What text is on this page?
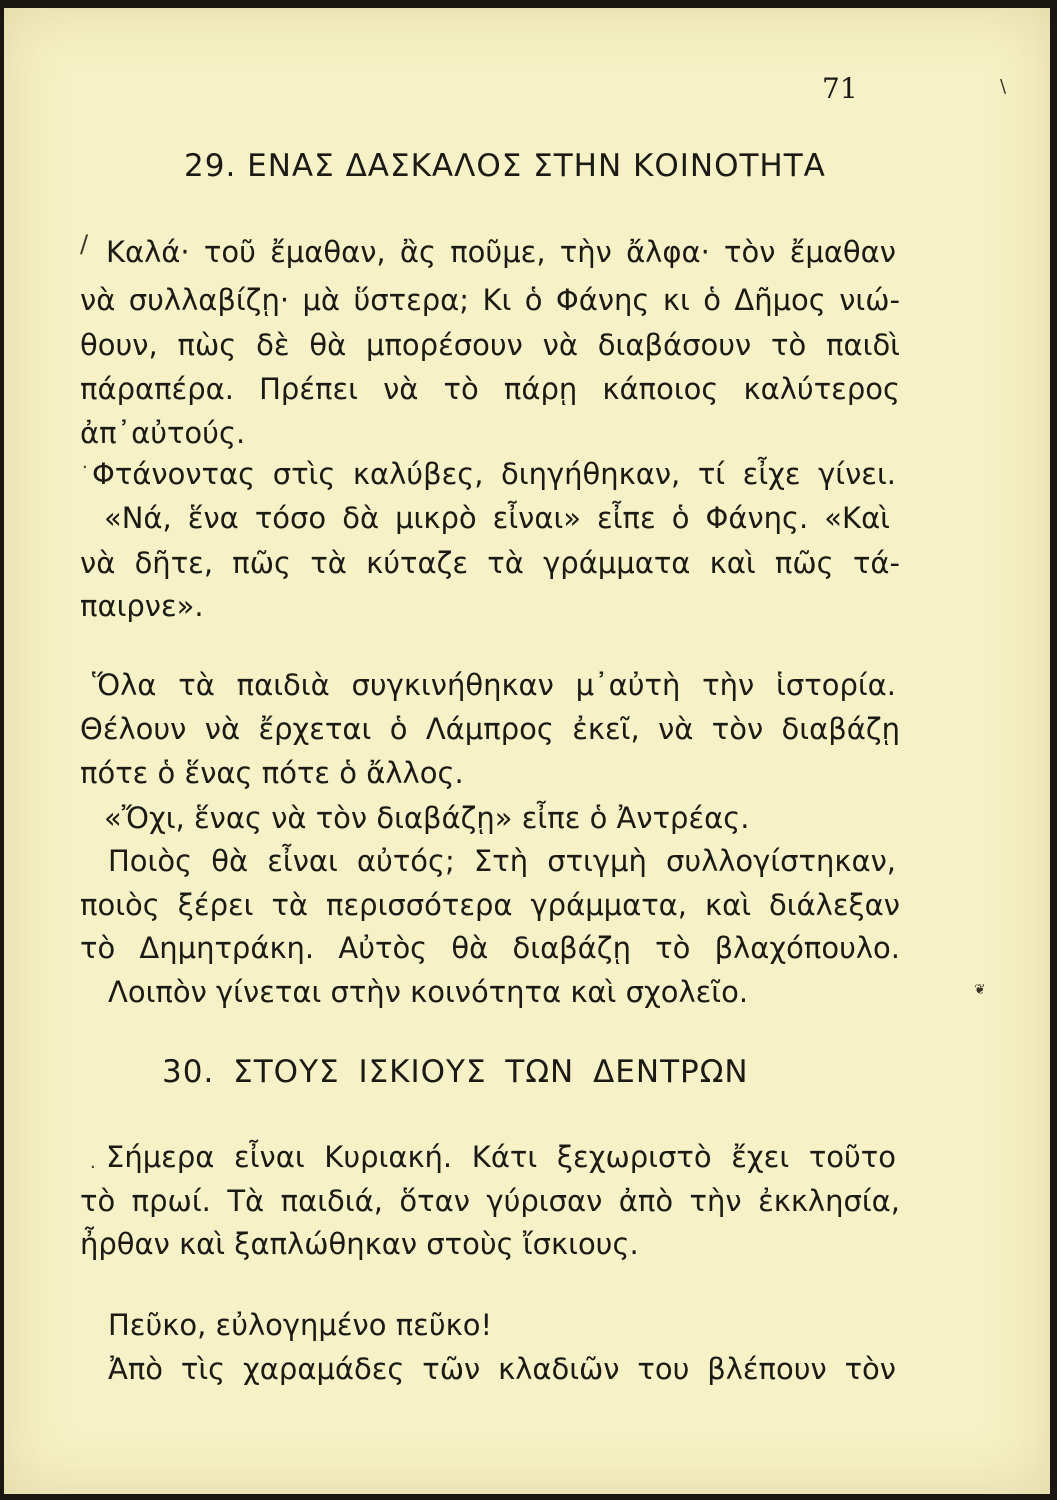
71	\
29. ΕΝΑΣ ΔΑΣΚΑΛΟΣ ΣΤΗΝ ΚΟΙΝΟΤΗΤΑ
/ Καλά· τοῦ ἔμαθαν, ἂς ποῦμε, τὴν ἄλφα· τὸν ἔμαθαν

νὰ συλλαβίζῃ· μὰ ὕστερα; Κι ὁ Φάνης κι ὁ Δῆμος νιώ-

θουν, πὼς δὲ θὰ μπορέσουν νὰ διαβάσουν τὸ παιδὶ

πάραπέρα. Πρέπει νὰ τὸ πάρῃ κάποιος καλύτερος

ἀπ᾿αὐτούς.

. Φτάνοντας στὶς καλύβες, διηγήθηκαν, τί εἶχε γίνει.

«Νά, ἕνα τόσο δὰ μικρὸ εἶναι» εἶπε ὁ Φάνης. «Καὶ

νὰ δῆτε, πῶς τὰ κύταζε τὰ γράμματα καὶ πῶς τά-

παιρνε».

Ὅλα τὰ παιδιὰ συγκινήθηκαν μ᾿αὐτὴ τὴν ἱστορία.

Θέλουν νὰ ἔρχεται ὁ Λάμπρος ἐκεῖ, νὰ τὸν διαβάζῃ

πότε ὁ ἕνας πότε ὁ ἄλλος.

«Ὄχι, ἕνας νὰ τὸν διαβάζῃ» εἶπε ὁ Ἀντρέας.

Ποιὸς θὰ εἶναι αὐτός; Στὴ στιγμὴ συλλογίστηκαν,

ποιὸς ξέρει τὰ περισσότερα γράμματα, καὶ διάλεξαν

τὸ Δημητράκη. Αὐτὸς θὰ διαβάζῃ τὸ βλαχόπουλο.

Λοιπὸν γίνεται στὴν κοινότητα καὶ σχολεῖο.	❦
30. ΣΤΟΥΣ ΙΣΚΙΟΥΣ ΤΩΝ ΔΕΝΤΡΩΝ
. Σήμερα εἶναι Κυριακή. Κάτι ξεχωριστὸ ἔχει τοῦτο

τὸ πρωί. Τὰ παιδιά, ὅταν γύρισαν ἀπὸ τὴν ἐκκλησία,

ἦρθαν καὶ ξαπλώθηκαν στοὺς ἴσκιους.

Πεῦκο, εὐλογημένο πεῦκο!

Ἀπὸ τὶς χαραμάδες τῶν κλαδιῶν του βλέπουν τὸν
